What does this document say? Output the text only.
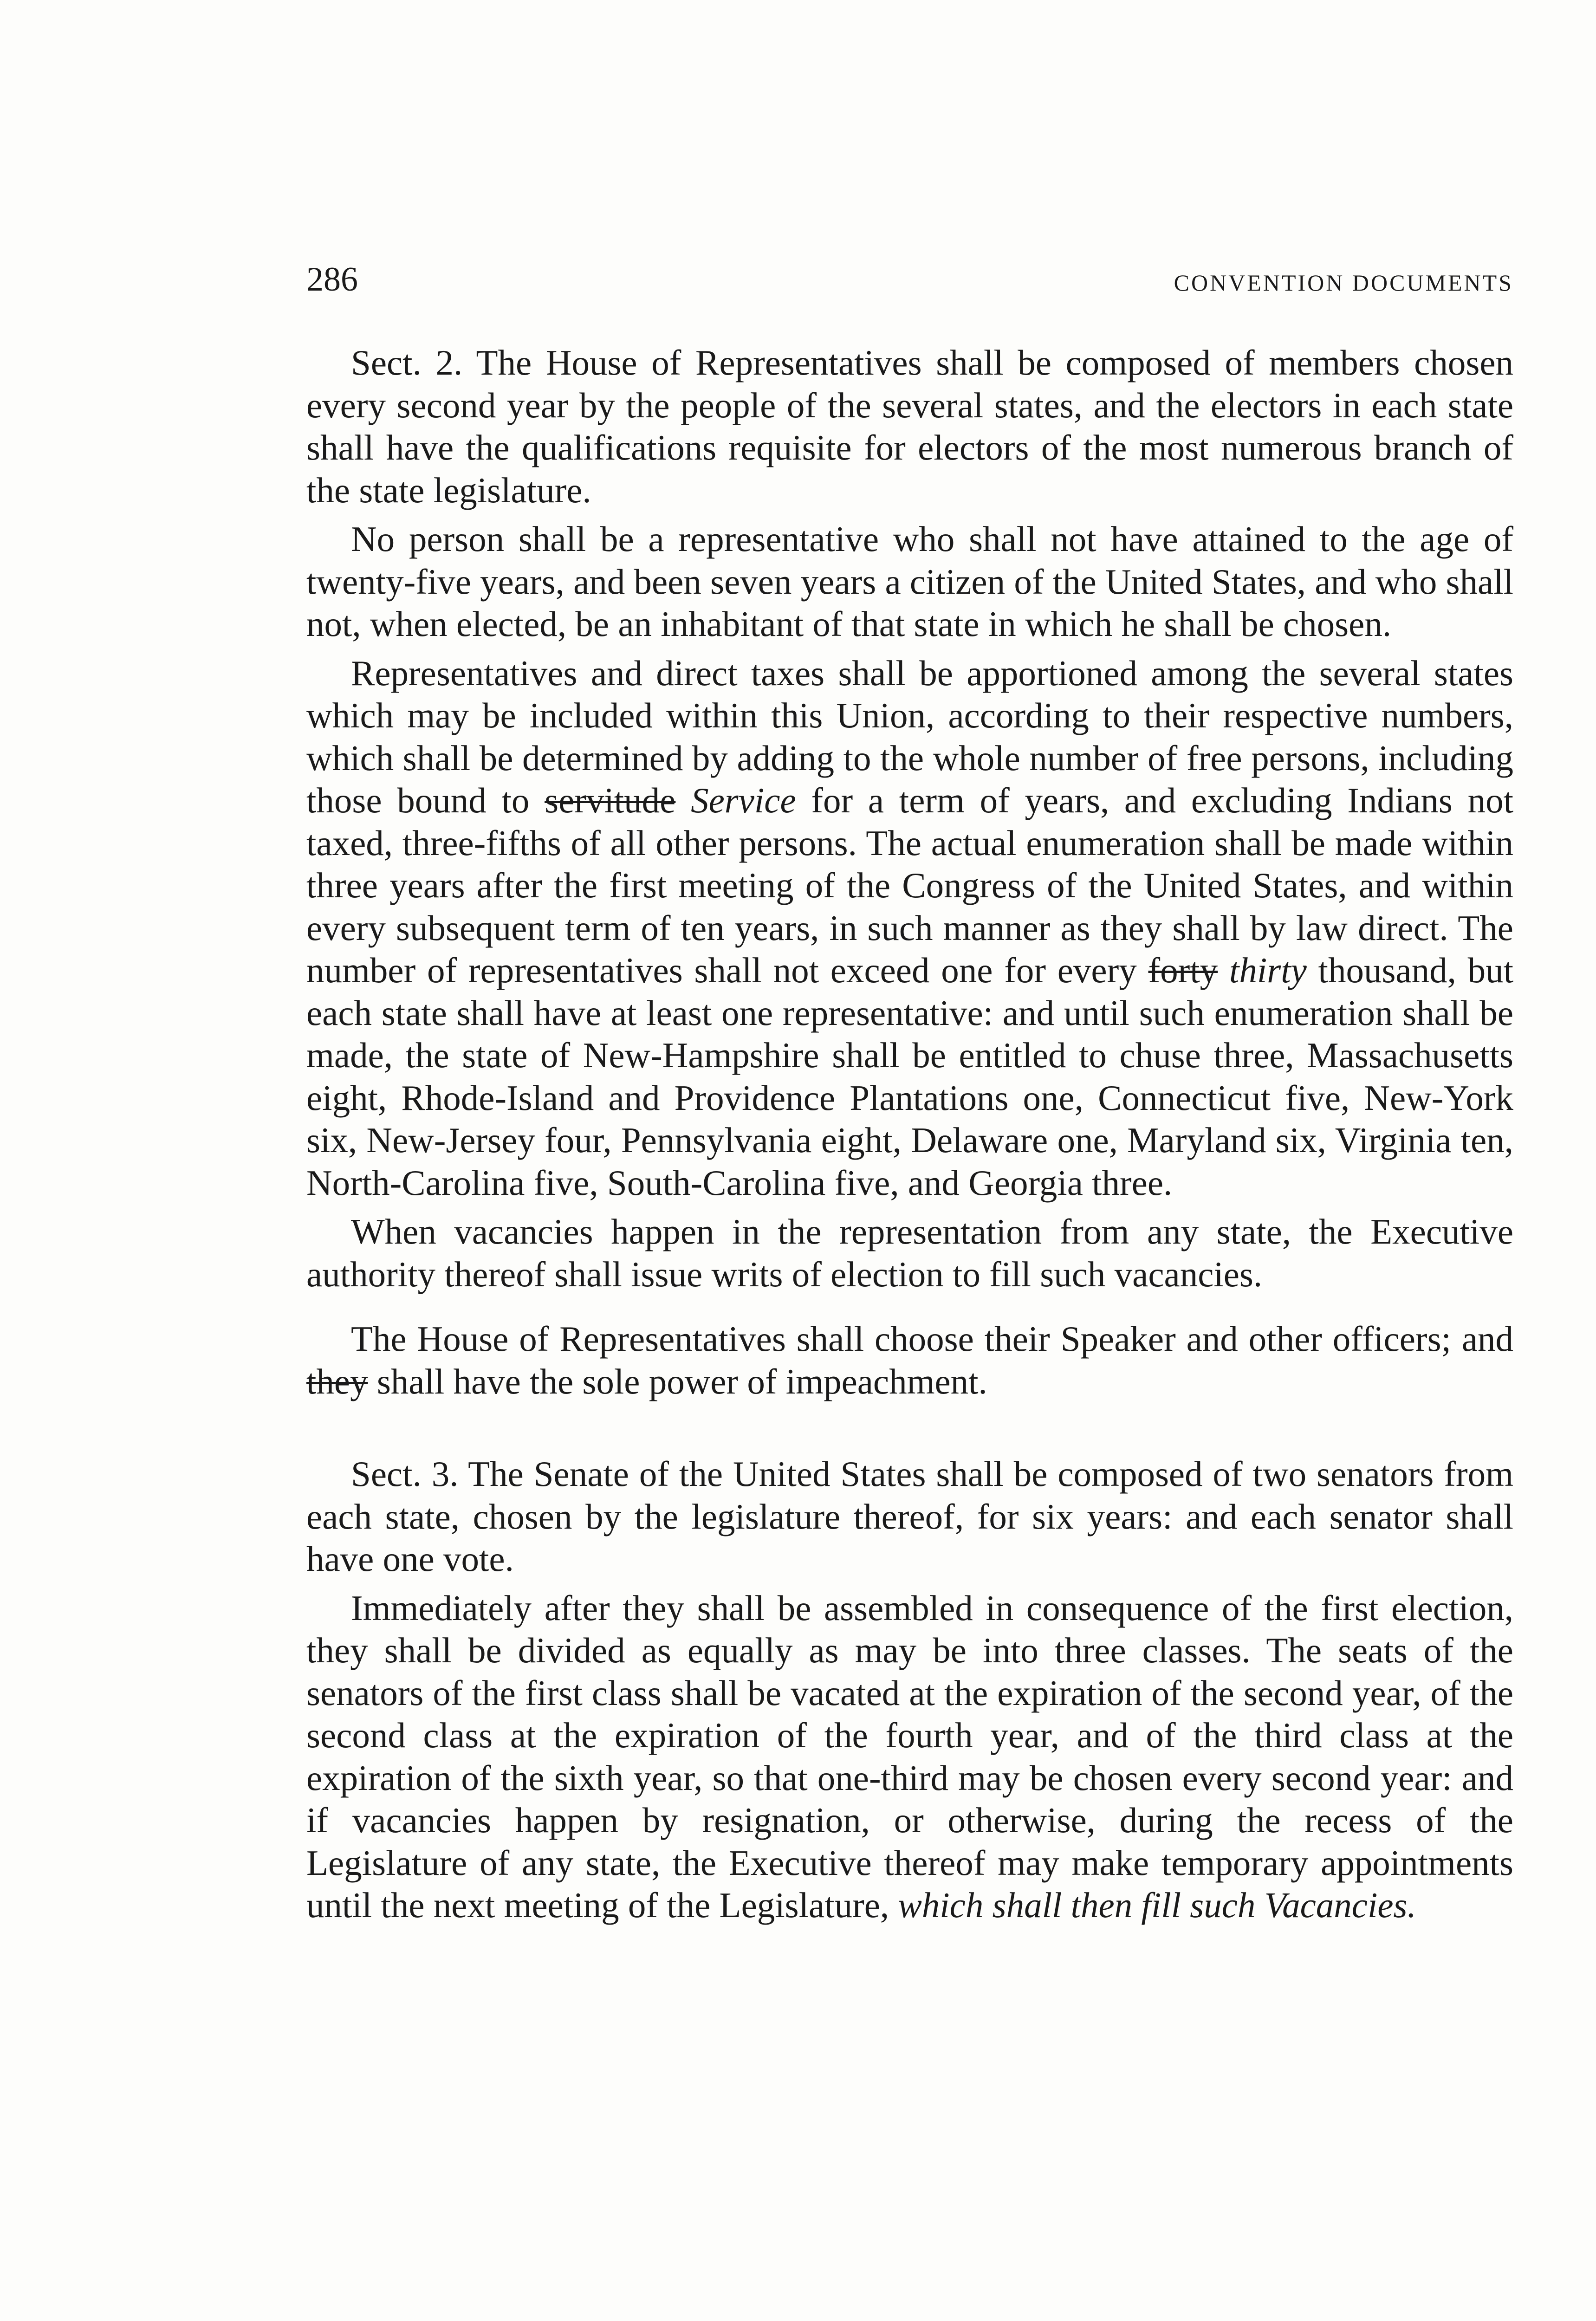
286	CONVENTION DOCUMENTS

Sect. 2. The House of Representatives shall be composed of members chosen every second year by the people of the several states, and the electors in each state shall have the qualifications requisite for electors of the most numerous branch of the state legislature.

No person shall be a representative who shall not have attained to the age of twenty-five years, and been seven years a citizen of the United States, and who shall not, when elected, be an inhabitant of that state in which he shall be chosen.

Representatives and direct taxes shall be apportioned among the several states which may be included within this Union, according to their respective numbers, which shall be determined by adding to the whole number of free persons, including those bound to servitude Service for a term of years, and excluding Indians not taxed, three-fifths of all other persons. The actual enumeration shall be made within three years after the first meeting of the Congress of the United States, and within every subsequent term of ten years, in such manner as they shall by law direct. The number of representatives shall not exceed one for every forty thirty thousand, but each state shall have at least one representative: and until such enumeration shall be made, the state of New-Hampshire shall be entitled to chuse three, Massachusetts eight, Rhode-Island and Providence Plantations one, Connecticut five, New-York six, New-Jersey four, Pennsylvania eight, Delaware one, Maryland six, Virginia ten, North-Carolina five, South-Carolina five, and Georgia three.

When vacancies happen in the representation from any state, the Executive authority thereof shall issue writs of election to fill such vacancies.

The House of Representatives shall choose their Speaker and other officers; and they shall have the sole power of impeachment.

Sect. 3. The Senate of the United States shall be composed of two senators from each state, chosen by the legislature thereof, for six years: and each senator shall have one vote.

Immediately after they shall be assembled in consequence of the first election, they shall be divided as equally as may be into three classes. The seats of the senators of the first class shall be vacated at the expiration of the second year, of the second class at the expiration of the fourth year, and of the third class at the expiration of the sixth year, so that one-third may be chosen every second year: and if vacancies happen by resignation, or otherwise, during the recess of the Legislature of any state, the Executive thereof may make temporary appointments until the next meeting of the Legislature, which shall then fill such Vacancies.
